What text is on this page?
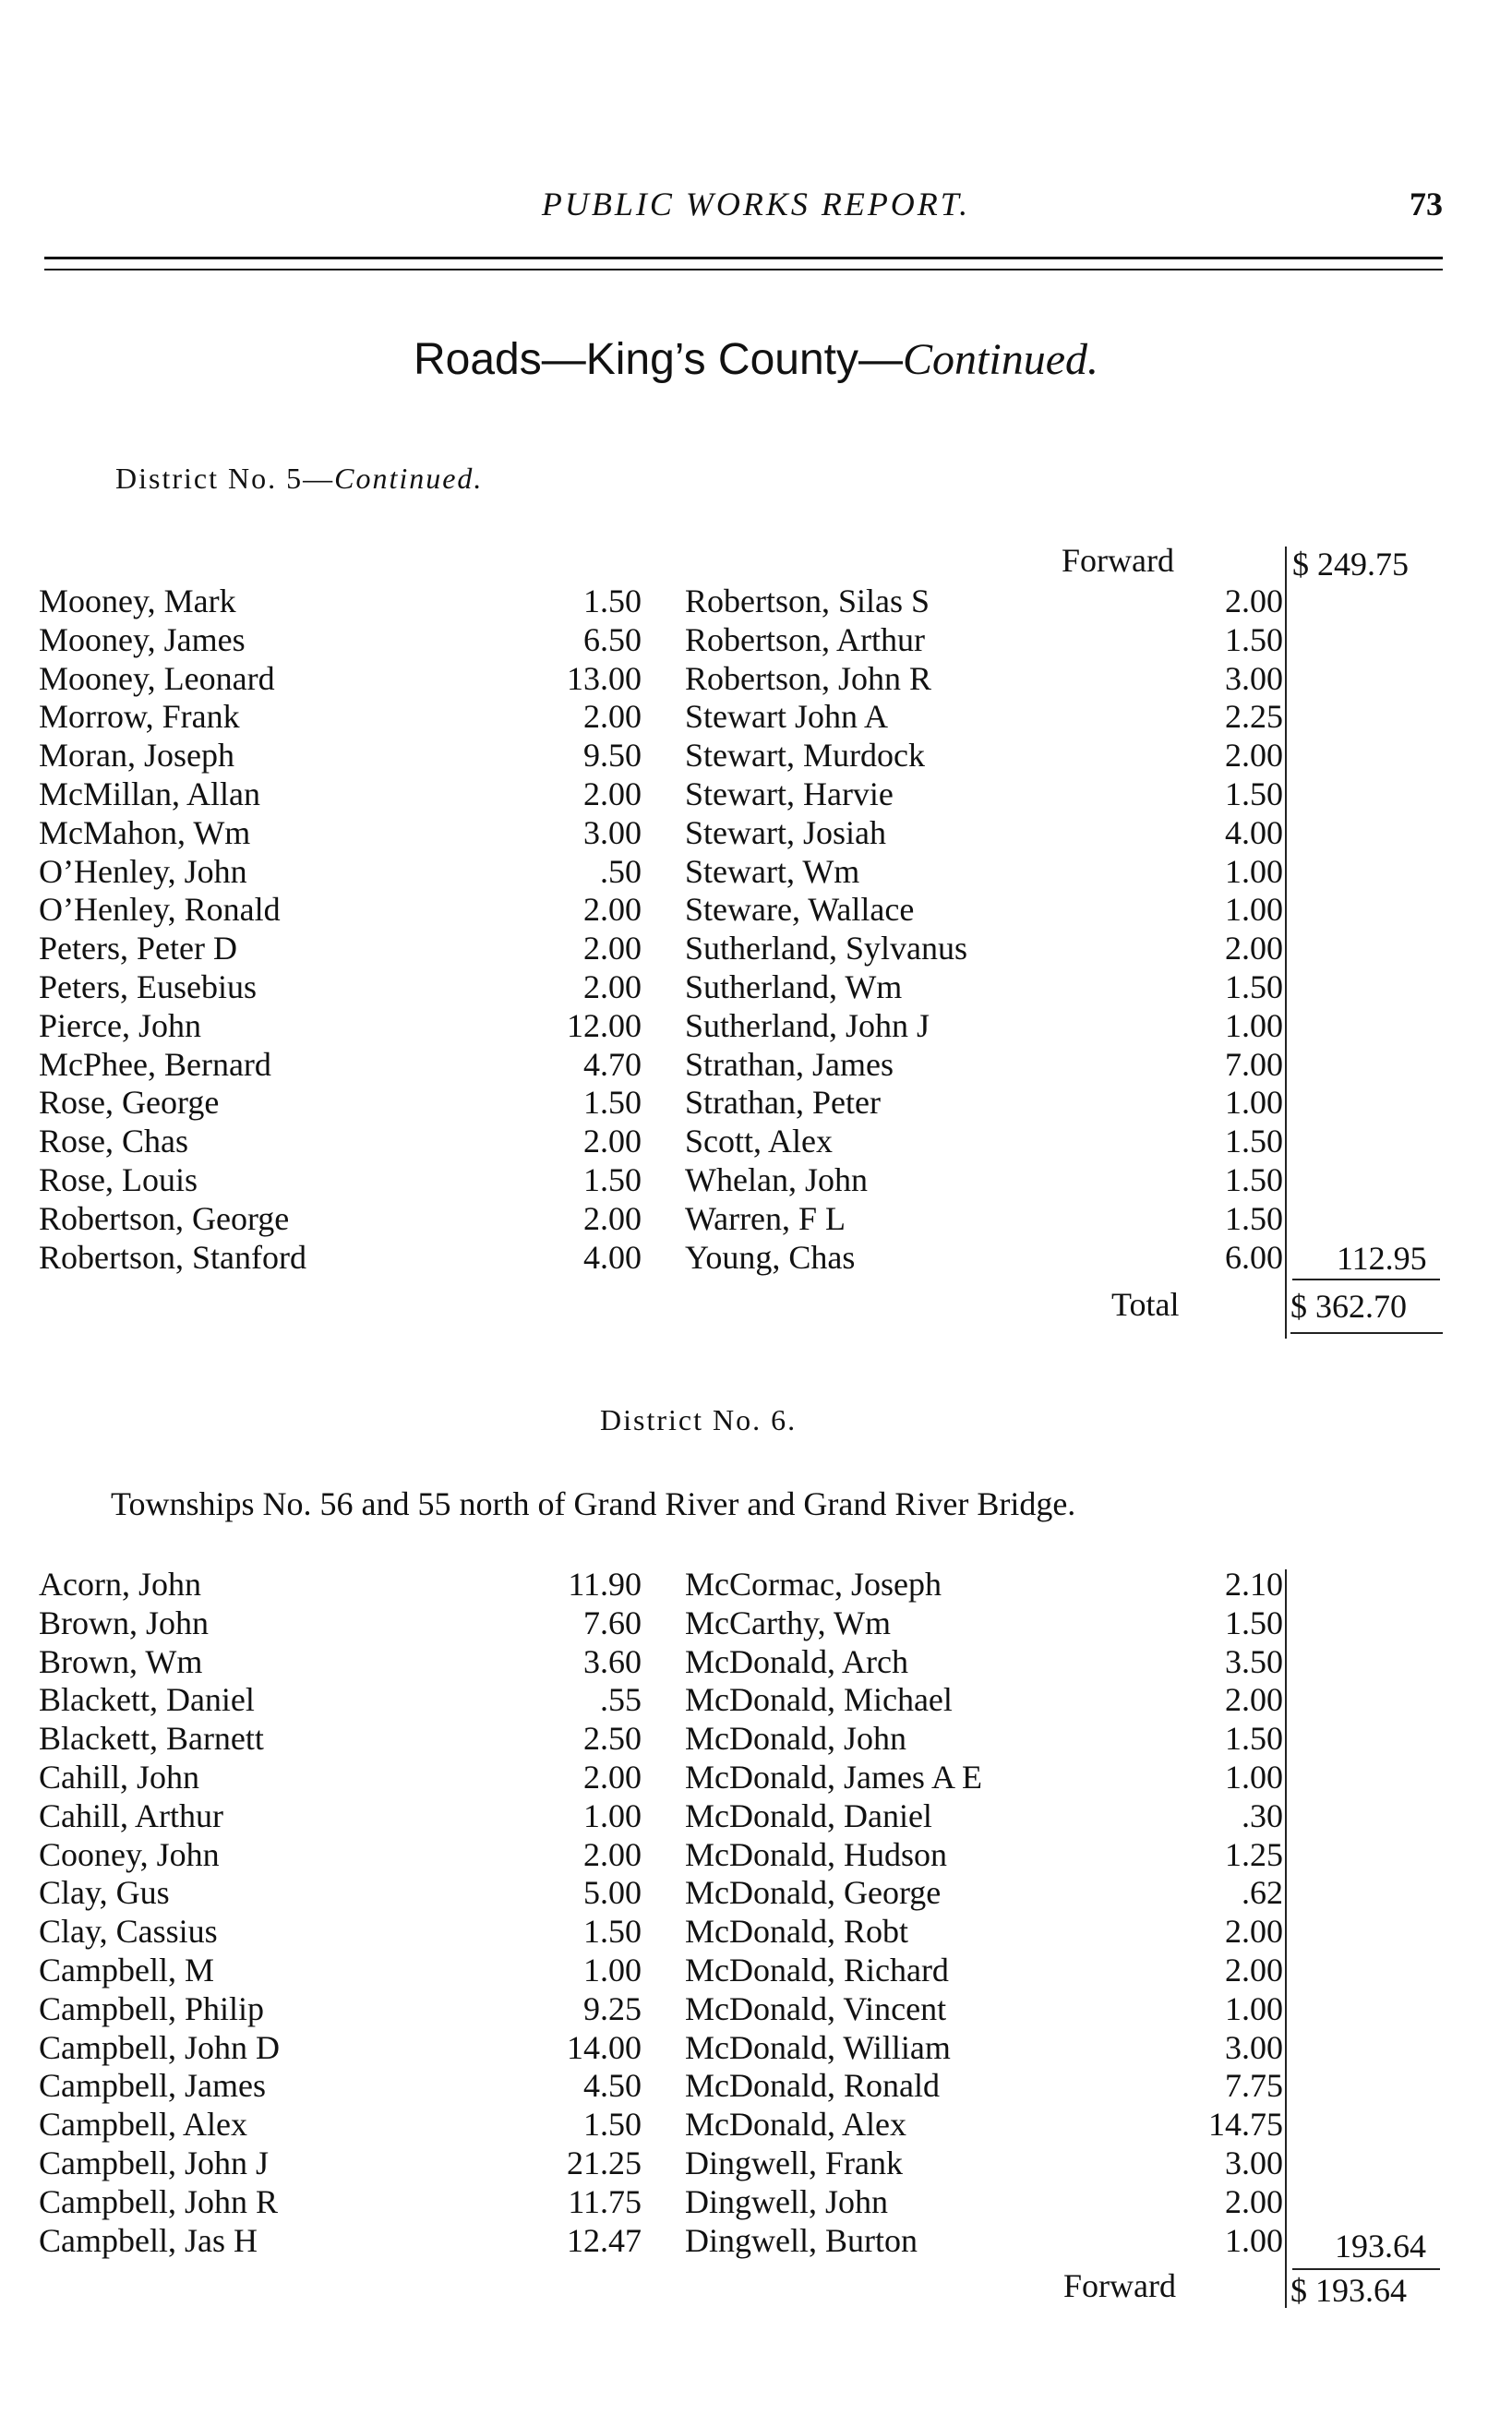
PUBLIC WORKS REPORT.	73
Roads—King’s County—Continued.
District No. 5—Continued.
Forward	$ 249.75
Mooney, Mark	1.50 Robertson, Silas S	2.00
Mooney, James	6.50 Robertson, Arthur	1.50
Mooney, Leonard	13.00 Robertson, John R	3.00
Morrow, Frank	2.00 Stewart John A	2.25
Moran, Joseph	9.50 Stewart, Murdock	2.00
McMillan, Allan	2.00 Stewart, Harvie	1.50
McMahon, Wm	3.00 Stewart, Josiah	4.00
O’Henley, John	.50 Stewart, Wm	1.00
O’Henley, Ronald	2.00 Steware, Wallace	1.00
Peters, Peter D	2.00 Sutherland, Sylvanus	2.00
Peters, Eusebius	2.00 Sutherland, Wm	1.50
Pierce, John	12.00 Sutherland, John J	1.00
McPhee, Bernard	4.70 Strathan, James	7.00
Rose, George	1.50 Strathan, Peter	1.00
Rose, Chas	2.00 Scott, Alex	1.50
Rose, Louis	1.50 Whelan, John	1.50
Robertson, George	2.00 Warren, F L	1.50
Robertson, Stanford	4.00 Young, Chas	6.00 112.95
Total	$ 362.70
District No. 6.
Townships No. 56 and 55 north of Grand River and Grand River Bridge.
Acorn, John	11.90 McCormac, Joseph	2.10
Brown, John	7.60 McCarthy, Wm	1.50
Brown, Wm	3.60 McDonald, Arch	3.50
Blackett, Daniel	.55 McDonald, Michael	2.00
Blackett, Barnett	2.50 McDonald, John	1.50
Cahill, John	2.00 McDonald, James A E	1.00
Cahill, Arthur	1.00 McDonald, Daniel	.30
Cooney, John	2.00 McDonald, Hudson	1.25
Clay, Gus	5.00 McDonald, George	.62
Clay, Cassius	1.50 McDonald, Robt	2.00
Campbell, M	1.00 McDonald, Richard	2.00
Campbell, Philip	9.25 McDonald, Vincent	1.00
Campbell, John D	14.00 McDonald, William	3.00
Campbell, James	4.50 McDonald, Ronald	7.75
Campbell, Alex	1.50 McDonald, Alex	14.75
Campbell, John J	21.25 Dingwell, Frank	3.00
Campbell, John R	11.75 Dingwell, John	2.00
Campbell, Jas H	12.47 Dingwell, Burton	1.00 193.64
Forward	$ 193.64
